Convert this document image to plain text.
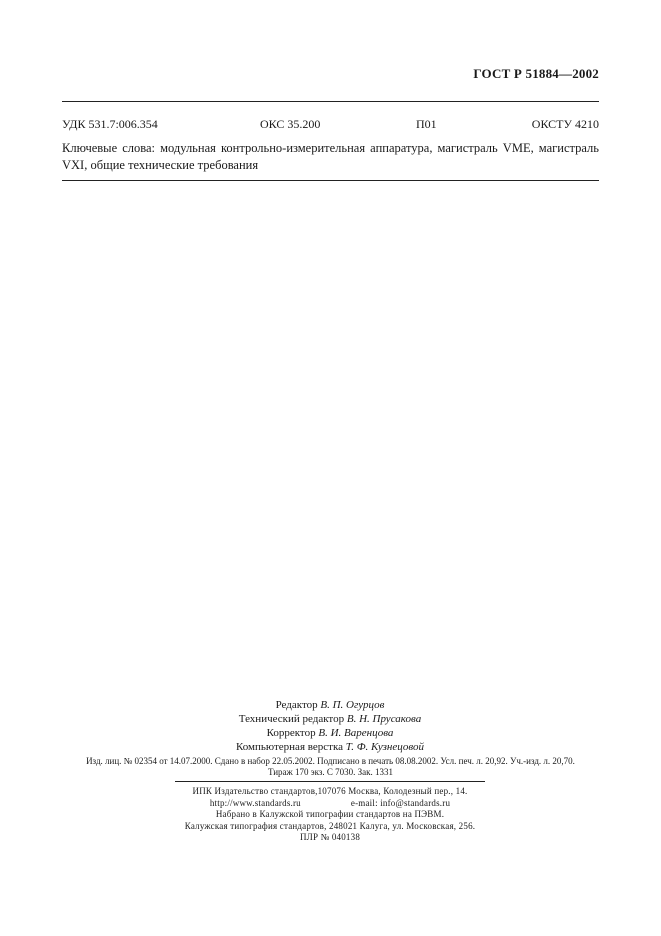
ГОСТ Р 51884—2002
УДК 531.7:006.354	ОКС 35.200	П01	ОКСТУ 4210
Ключевые слова: модульная контрольно-измерительная аппаратура, магистраль VME, магистраль VXI, общие технические требования
Редактор В. П. Огурцов
Технический редактор В. Н. Прусакова
Корректор В. И. Варенцова
Компьютерная верстка Т. Ф. Кузнецовой
Изд. лиц. № 02354 от 14.07.2000. Сдано в набор 22.05.2002. Подписано в печать 08.08.2002. Усл. печ. л. 20,92. Уч.-изд. л. 20,70.
Тираж 170 экз. С 7030. Зак. 1331
ИПК Издательство стандартов,107076 Москва, Колодезный пер., 14.
http://www.standards.ru	e-mail: info@standards.ru
Набрано в Калужской типографии стандартов на ПЭВМ.
Калужская типография стандартов, 248021 Калуга, ул. Московская, 256.
ПЛР № 040138
